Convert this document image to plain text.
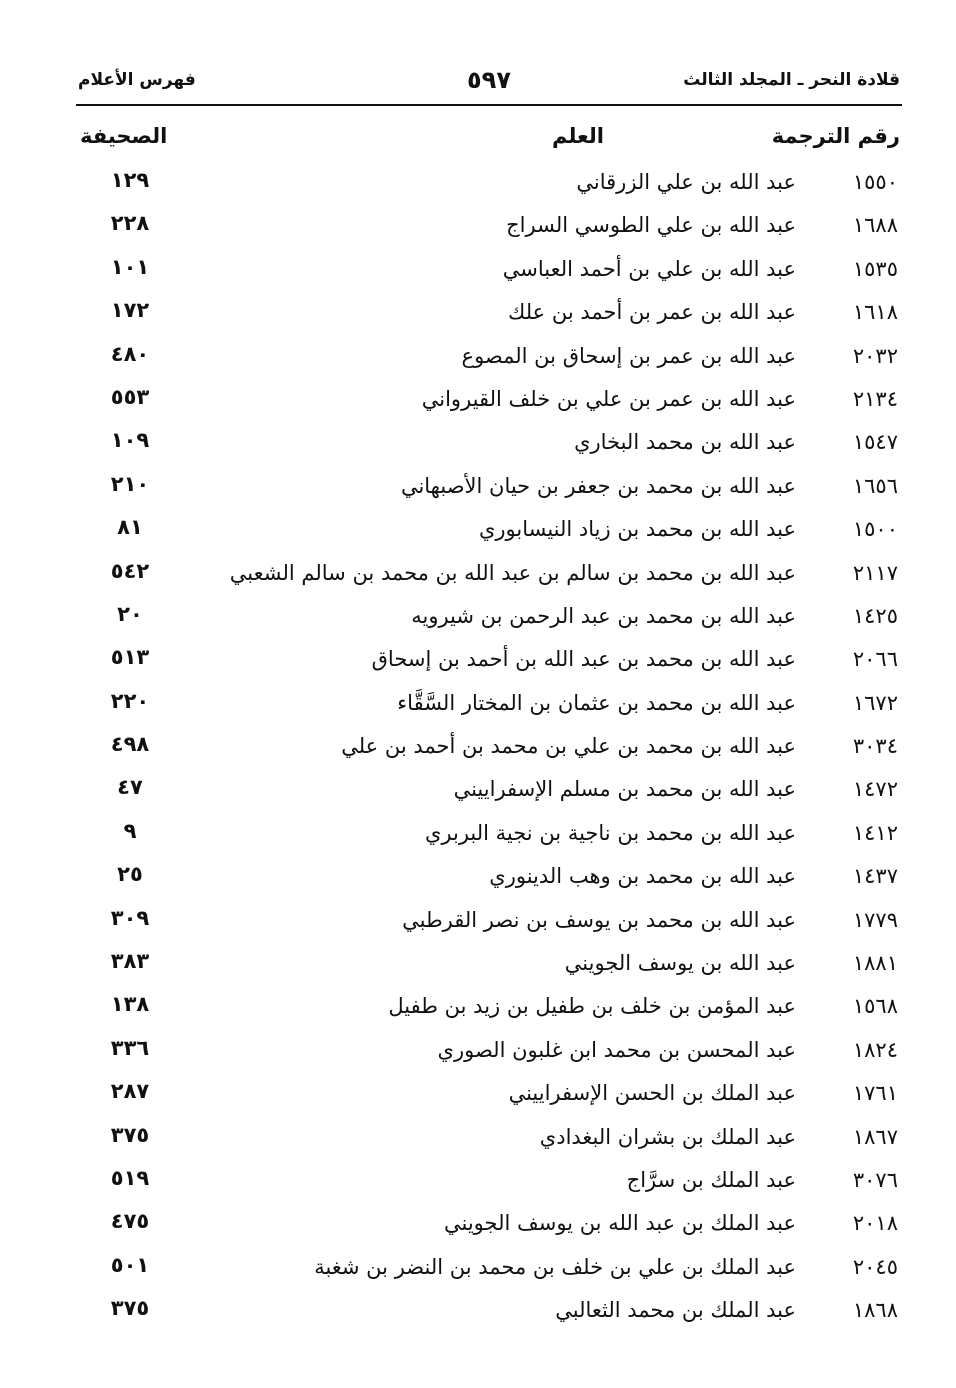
قلادة النحر ـ المجلد الثالث
٥٩٧
فهرس الأعلام
رقم الترجمة
العلم
الصحيفة
١٥٥٠
عبد الله بن علي الزرقاني
١٢٩
١٦٨٨
عبد الله بن علي الطوسي السراج
٢٢٨
١٥٣٥
عبد الله بن علي بن أحمد العباسي
١٠١
١٦١٨
عبد الله بن عمر بن أحمد بن علك
١٧٢
٢٠٣٢
عبد الله بن عمر بن إسحاق بن المصوع
٤٨٠
٢١٣٤
عبد الله بن عمر بن علي بن خلف القيرواني
٥٥٣
١٥٤٧
عبد الله بن محمد البخاري
١٠٩
١٦٥٦
عبد الله بن محمد بن جعفر بن حيان الأصبهاني
٢١٠
١٥٠٠
عبد الله بن محمد بن زياد النيسابوري
٨١
٢١١٧
عبد الله بن محمد بن سالم بن عبد الله بن محمد بن سالم الشعبي
٥٤٢
١٤٢٥
عبد الله بن محمد بن عبد الرحمن بن شيرويه
٢٠
٢٠٦٦
عبد الله بن محمد بن عبد الله بن أحمد بن إسحاق
٥١٣
١٦٧٢
عبد الله بن محمد بن عثمان بن المختار السَّقَّاء
٢٢٠
٣٠٣٤
عبد الله بن محمد بن علي بن محمد بن أحمد بن علي
٤٩٨
١٤٧٢
عبد الله بن محمد بن مسلم الإسفراييني
٤٧
١٤١٢
عبد الله بن محمد بن ناجية بن نجية البربري
٩
١٤٣٧
عبد الله بن محمد بن وهب الدينوري
٢٥
١٧٧٩
عبد الله بن محمد بن يوسف بن نصر القرطبي
٣٠٩
١٨٨١
عبد الله بن يوسف الجويني
٣٨٣
١٥٦٨
عبد المؤمن بن خلف بن طفيل بن زيد بن طفيل
١٣٨
١٨٢٤
عبد المحسن بن محمد ابن غلبون الصوري
٣٣٦
١٧٦١
عبد الملك بن الحسن الإسفراييني
٢٨٧
١٨٦٧
عبد الملك بن بشران البغدادي
٣٧٥
٣٠٧٦
عبد الملك بن سرَّاج
٥١٩
٢٠١٨
عبد الملك بن عبد الله بن يوسف الجويني
٤٧٥
٢٠٤٥
عبد الملك بن علي بن خلف بن محمد بن النضر بن شغبة
٥٠١
١٨٦٨
عبد الملك بن محمد الثعالبي
٣٧٥
